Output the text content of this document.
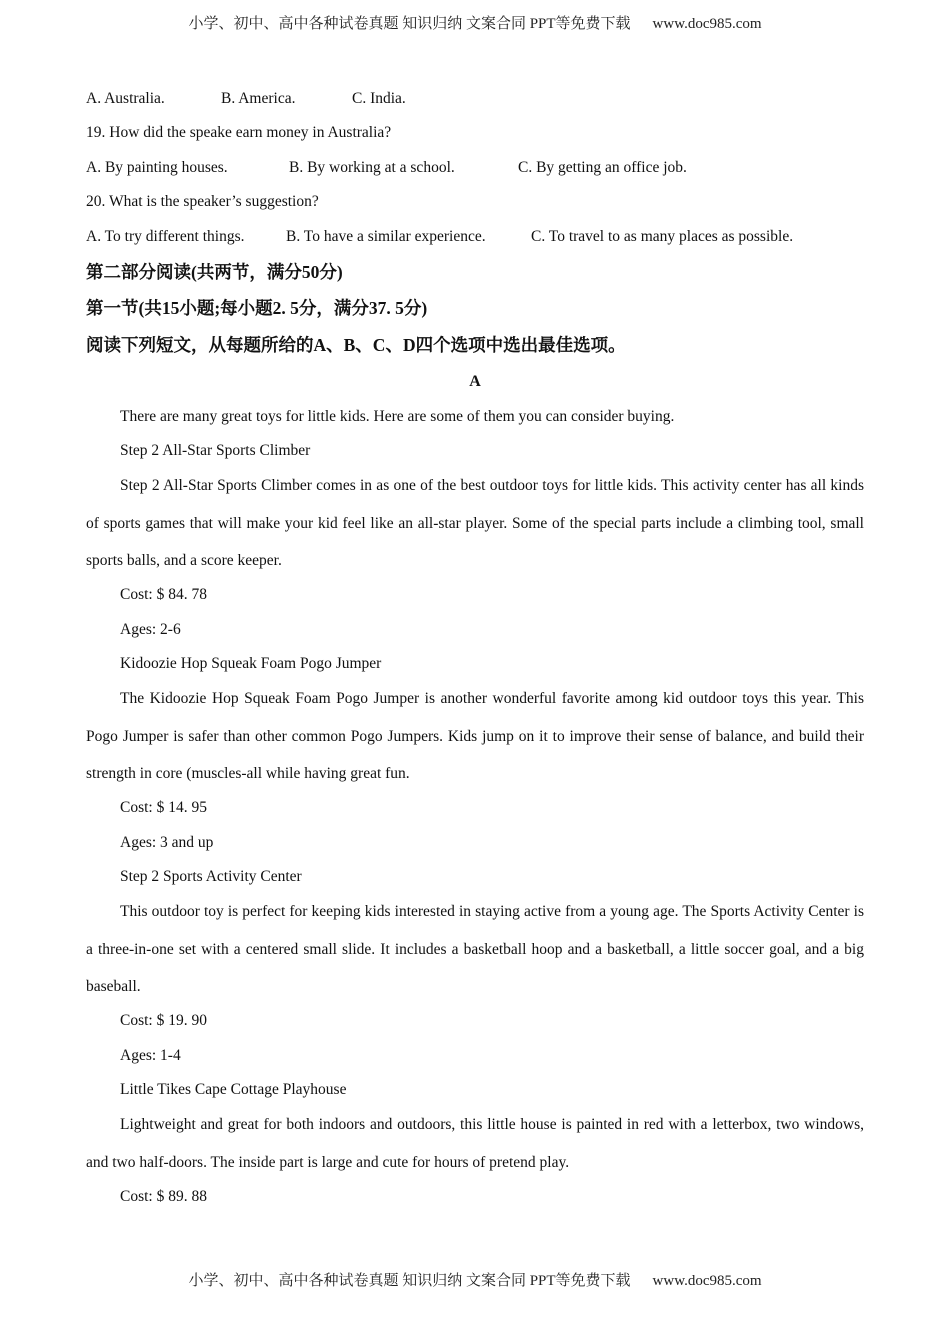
小学、初中、高中各种试卷真题 知识归纳 文案合同 PPT等免费下载 www.doc985.com
A. Australia.	B. America.	C. India.
19. How did the speake earn money in Australia?
A. By painting houses.	B. By working at a school.	C. By getting an office job.
20. What is the speaker’s suggestion?
A. To try different things.	B. To have a similar experience.	C. To travel to as many places as possible.
第二部分阅读(共两节，满分50分)
第一节(共15小题;每小题2. 5分，满分37. 5分)
阅读下列短文，从每题所给的A、B、C、D四个选项中选出最佳选项。
A
There are many great toys for little kids. Here are some of them you can consider buying.
Step 2 All-Star Sports Climber
Step 2 All-Star Sports Climber comes in as one of the best outdoor toys for little kids. This activity center has all kinds of sports games that will make your kid feel like an all-star player. Some of the special parts include a climbing tool, small sports balls, and a score keeper.
Cost: $ 84. 78
Ages: 2-6
Kidoozie Hop Squeak Foam Pogo Jumper
The Kidoozie Hop Squeak Foam Pogo Jumper is another wonderful favorite among kid outdoor toys this year. This Pogo Jumper is safer than other common Pogo Jumpers. Kids jump on it to improve their sense of balance, and build their strength in core (muscles-all while having great fun.
Cost: $ 14. 95
Ages: 3 and up
Step 2 Sports Activity Center
This outdoor toy is perfect for keeping kids interested in staying active from a young age. The Sports Activity Center is a three-in-one set with a centered small slide. It includes a basketball hoop and a basketball, a little soccer goal, and a big baseball.
Cost: $ 19. 90
Ages: 1-4
Little Tikes Cape Cottage Playhouse
Lightweight and great for both indoors and outdoors, this little house is painted in red with a letterbox, two windows, and two half-doors. The inside part is large and cute for hours of pretend play.
Cost: $ 89. 88
小学、初中、高中各种试卷真题 知识归纳 文案合同 PPT等免费下载 www.doc985.com
